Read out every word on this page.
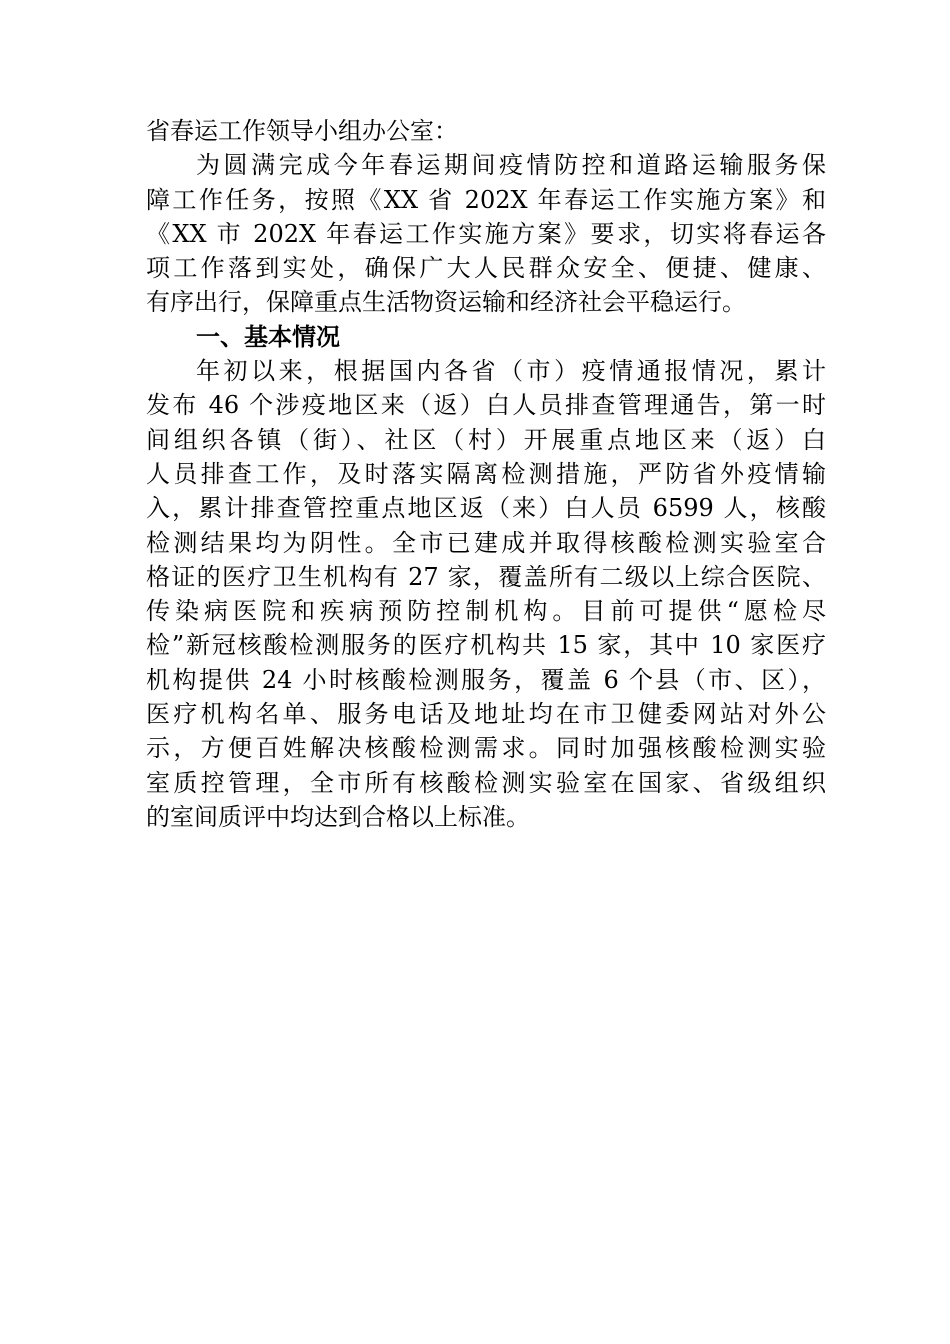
省春运工作领导小组办公室：
为圆满完成今年春运期间疫情防控和道路运输服务保
障工作任务，按照《XX 省 202X 年春运工作实施方案》和
《XX 市 202X 年春运工作实施方案》要求，切实将春运各
项工作落到实处，确保广大人民群众安全、便捷、健康、
有序出行，保障重点生活物资运输和经济社会平稳运行。
一、基本情况
年初以来，根据国内各省（市）疫情通报情况，累计
发布 46 个涉疫地区来（返）白人员排查管理通告，第一时
间组织各镇（街）、社区（村）开展重点地区来（返）白
人员排查工作，及时落实隔离检测措施，严防省外疫情输
入，累计排查管控重点地区返（来）白人员 6599 人，核酸
检测结果均为阴性。全市已建成并取得核酸检测实验室合
格证的医疗卫生机构有 27 家，覆盖所有二级以上综合医院、
传染病医院和疾病预防控制机构。目前可提供“愿检尽
检”新冠核酸检测服务的医疗机构共 15 家，其中 10 家医疗
机构提供 24 小时核酸检测服务，覆盖 6 个县（市、区），
医疗机构名单、服务电话及地址均在市卫健委网站对外公
示，方便百姓解决核酸检测需求。同时加强核酸检测实验
室质控管理，全市所有核酸检测实验室在国家、省级组织
的室间质评中均达到合格以上标准。
